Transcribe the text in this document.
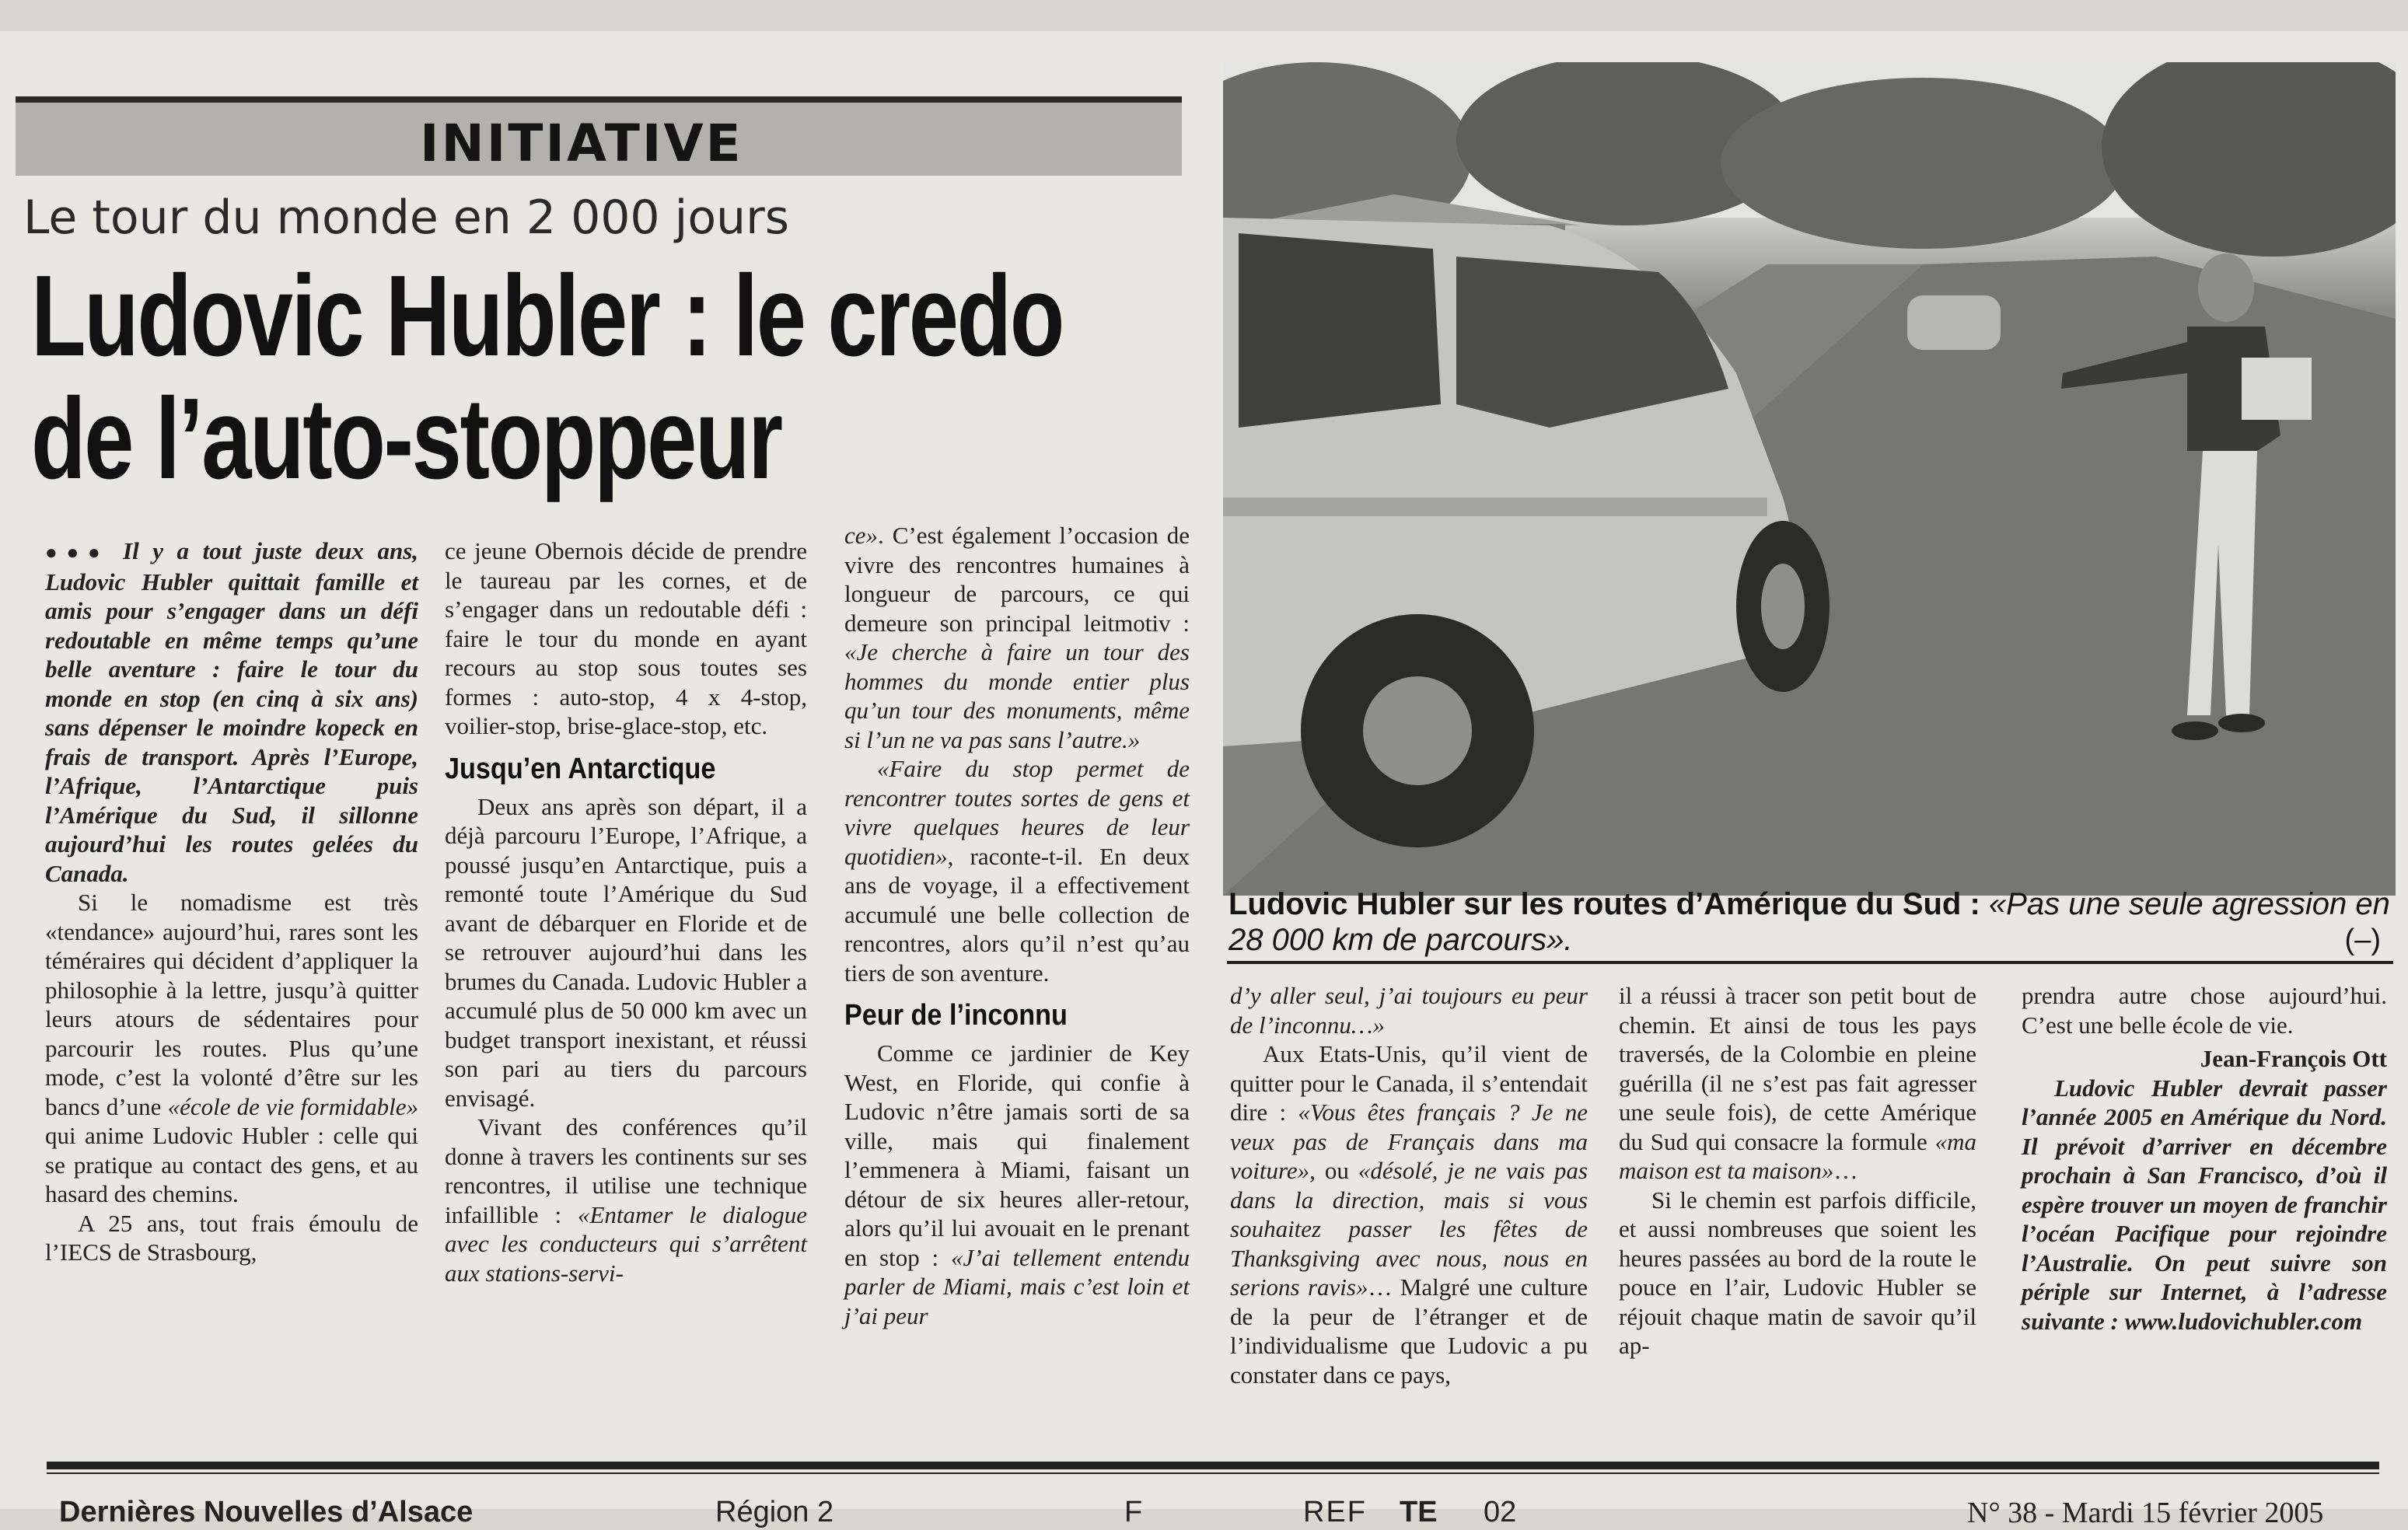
INITIATIVE
Le tour du monde en 2 000 jours
Ludovic Hubler : le credo
de l’auto-stoppeur

●●● Il y a tout juste deux ans, Ludovic Hubler quittait famille et amis pour s’engager dans un défi redoutable en même temps qu’une belle aventure : faire le tour du monde en stop (en cinq à six ans) sans dépenser le moindre kopeck en frais de transport. Après l’Europe, l’Afrique, l’Antarctique puis l’Amérique du Sud, il sillonne aujourd’hui les routes gelées du Canada.

Si le nomadisme est très «tendance» aujourd’hui, rares sont les téméraires qui décident d’appliquer la philosophie à la lettre, jusqu’à quitter leurs atours de sédentaires pour parcourir les routes. Plus qu’une mode, c’est la volonté d’être sur les bancs d’une «école de vie formidable» qui anime Ludovic Hubler : celle qui se pratique au contact des gens, et au hasard des chemins.

A 25 ans, tout frais émoulu de l’IECS de Strasbourg,

ce jeune Obernois décide de prendre le taureau par les cornes, et de s’engager dans un redoutable défi : faire le tour du monde en ayant recours au stop sous toutes ses formes : auto-stop, 4 x 4-stop, voilier-stop, brise-glace-stop, etc.

Jusqu’en Antarctique

Deux ans après son départ, il a déjà parcouru l’Europe, l’Afrique, a poussé jusqu’en Antarctique, puis a remonté toute l’Amérique du Sud avant de débarquer en Floride et de se retrouver aujourd’hui dans les brumes du Canada. Ludovic Hubler a accumulé plus de 50 000 km avec un budget transport inexistant, et réussi son pari au tiers du parcours envisagé.

Vivant des conférences qu’il donne à travers les continents sur ses rencontres, il utilise une technique infaillible : «Entamer le dialogue avec les conducteurs qui s’arrêtent aux stations-servi-

ce». C’est également l’occasion de vivre des rencontres humaines à longueur de parcours, ce qui demeure son principal leitmotiv : «Je cherche à faire un tour des hommes du monde entier plus qu’un tour des monuments, même si l’un ne va pas sans l’autre.»

«Faire du stop permet de rencontrer toutes sortes de gens et vivre quelques heures de leur quotidien», raconte-t-il. En deux ans de voyage, il a effectivement accumulé une belle collection de rencontres, alors qu’il n’est qu’au tiers de son aventure.

Peur de l’inconnu

Comme ce jardinier de Key West, en Floride, qui confie à Ludovic n’être jamais sorti de sa ville, mais qui finalement l’emmenera à Miami, faisant un détour de six heures aller-retour, alors qu’il lui avouait en le prenant en stop : «J’ai tellement entendu parler de Miami, mais c’est loin et j’ai peur

Ludovic Hubler sur les routes d’Amérique du Sud : «Pas une seule agression en 28 000 km de parcours».	(–)

d’y aller seul, j’ai toujours eu peur de l’inconnu…»

Aux Etats-Unis, qu’il vient de quitter pour le Canada, il s’entendait dire : «Vous êtes français ? Je ne veux pas de Français dans ma voiture», ou «désolé, je ne vais pas dans la direction, mais si vous souhaitez passer les fêtes de Thanksgiving avec nous, nous en serions ravis»… Malgré une culture de la peur de l’étranger et de l’individualisme que Ludovic a pu constater dans ce pays,

il a réussi à tracer son petit bout de chemin. Et ainsi de tous les pays traversés, de la Colombie en pleine guérilla (il ne s’est pas fait agresser une seule fois), de cette Amérique du Sud qui consacre la formule «ma maison est ta maison»…

Si le chemin est parfois difficile, et aussi nombreuses que soient les heures passées au bord de la route le pouce en l’air, Ludovic Hubler se réjouit chaque matin de savoir qu’il ap-

prendra autre chose aujourd’hui. C’est une belle école de vie.

Jean-François Ott

Ludovic Hubler devrait passer l’année 2005 en Amérique du Nord. Il prévoit d’arriver en décembre prochain à San Francisco, d’où il espère trouver un moyen de franchir l’océan Pacifique pour rejoindre l’Australie. On peut suivre son périple sur Internet, à l’adresse suivante : www.ludovichubler.com

Dernières Nouvelles d’Alsace	Région 2	F	REF TE 02	N° 38 - Mardi 15 février 2005
